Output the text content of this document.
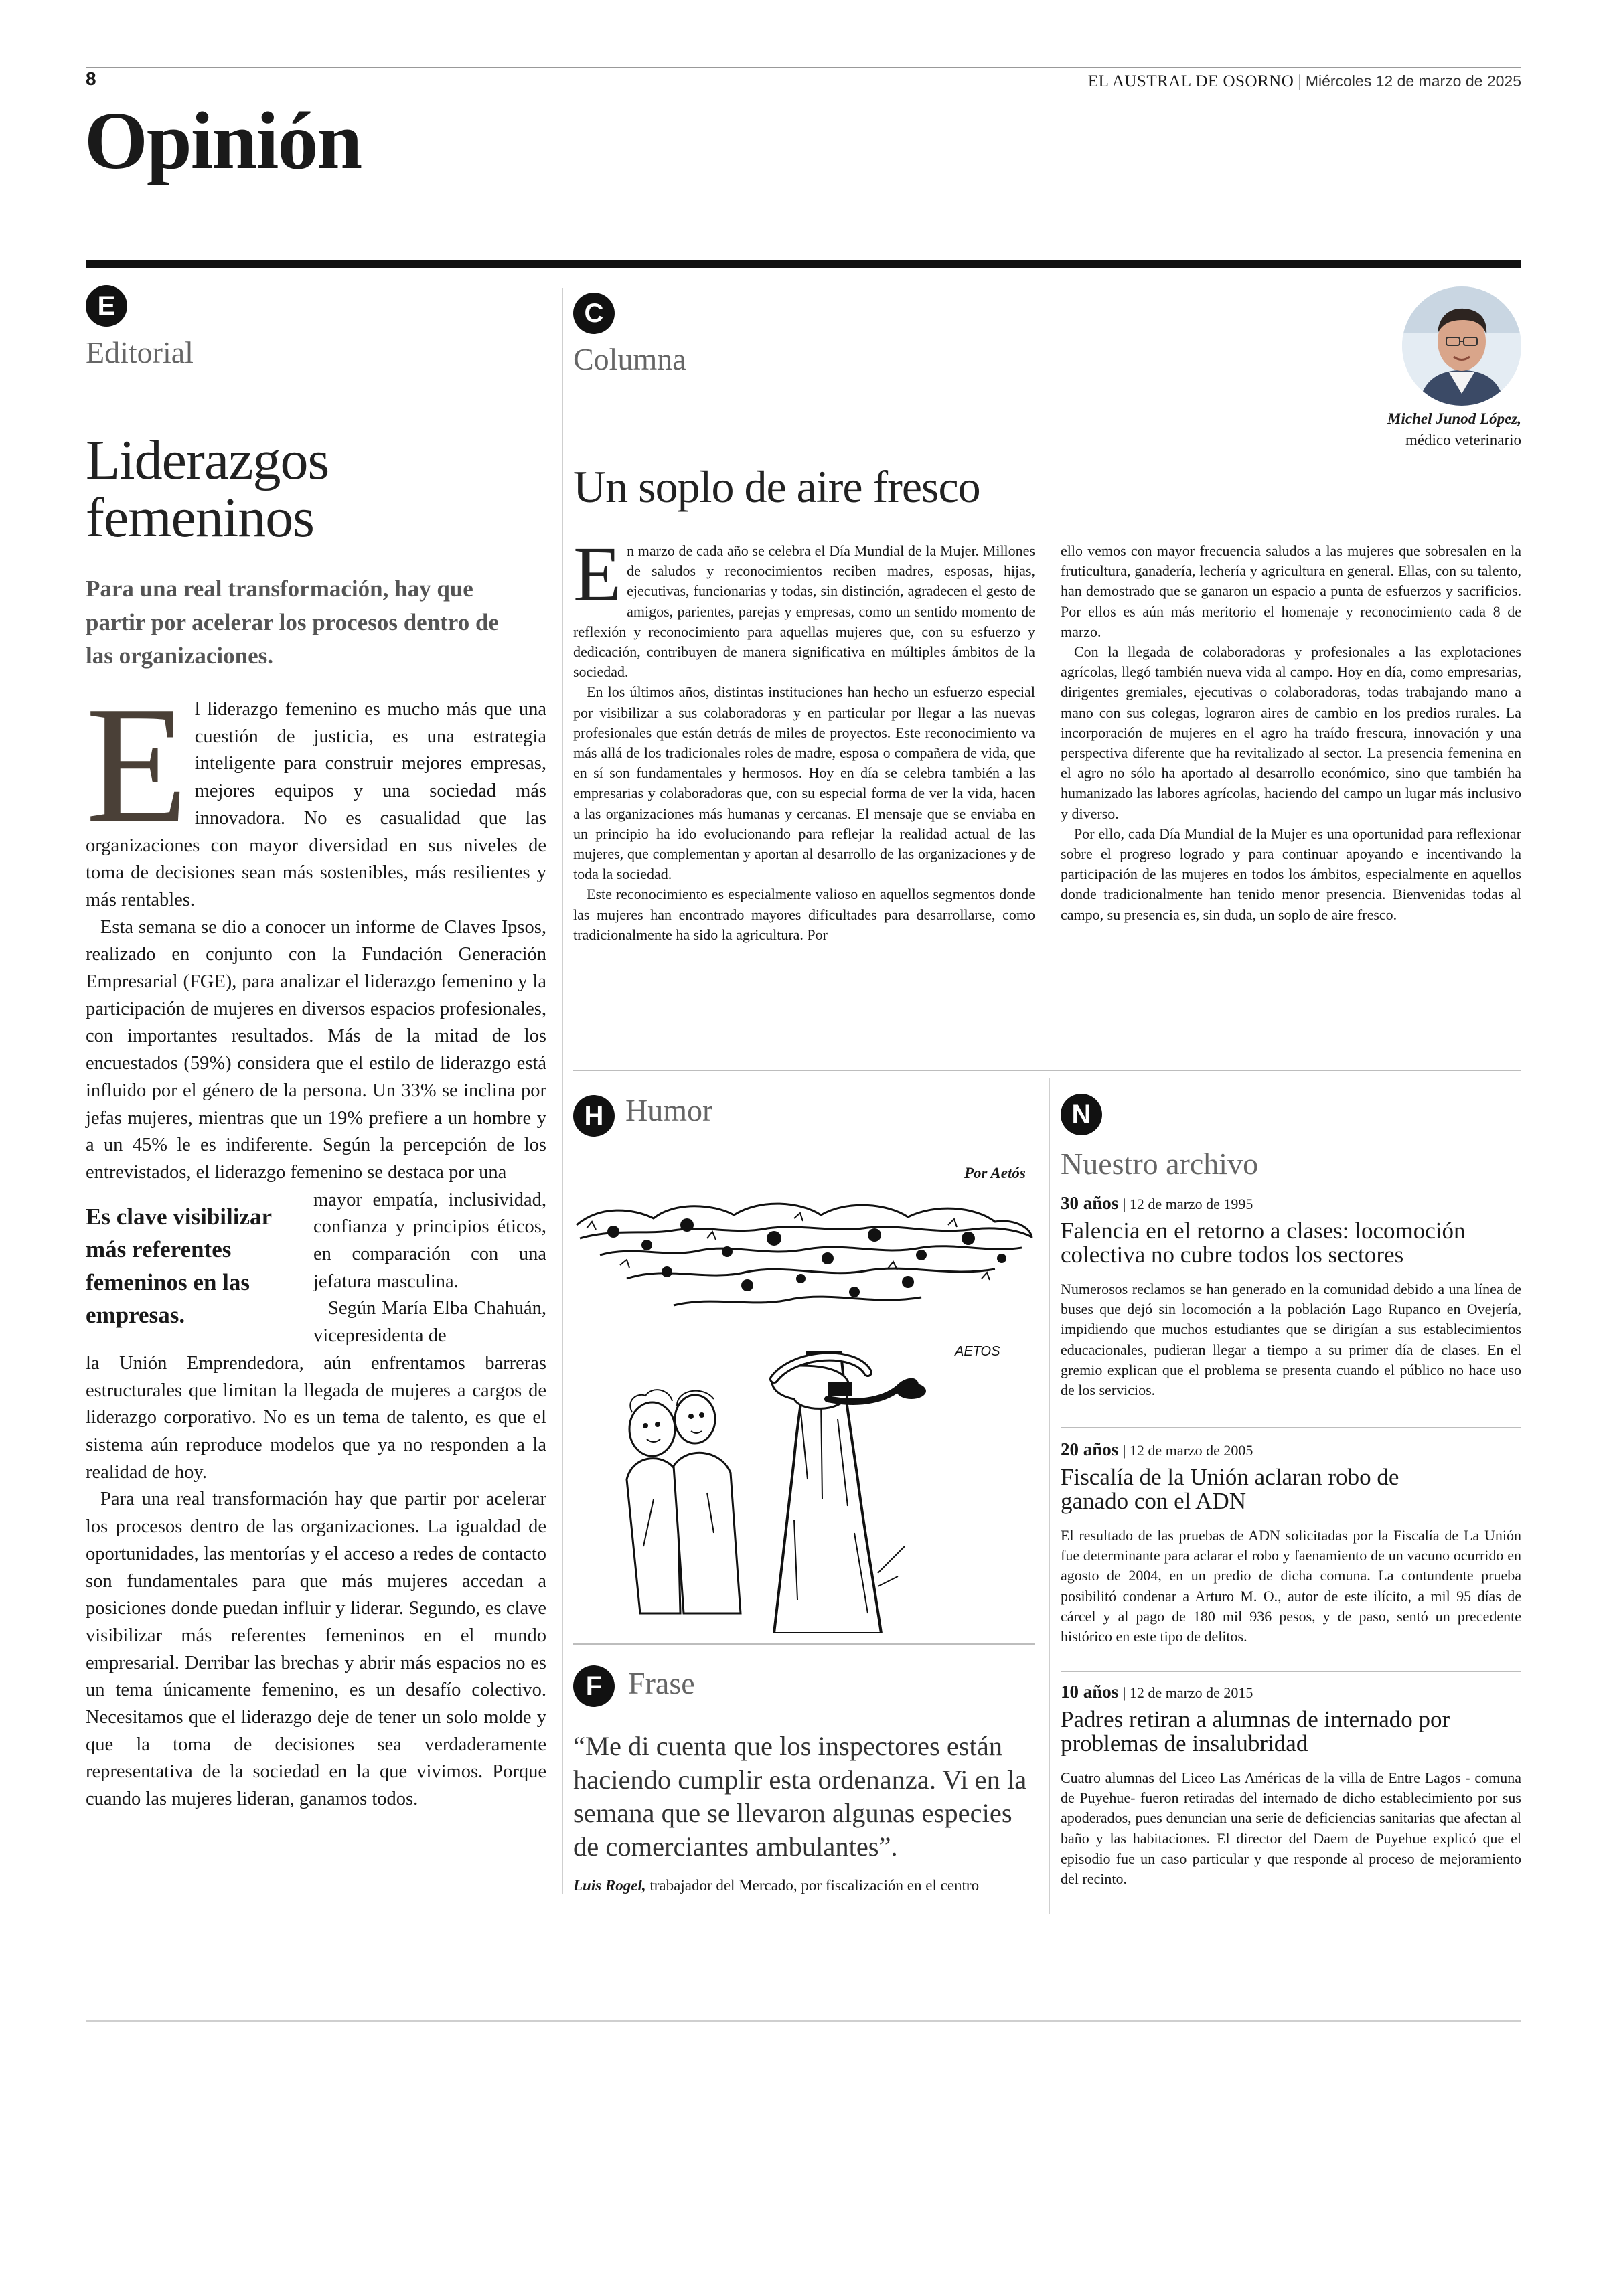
8	EL AUSTRAL DE OSORNO | Miércoles 12 de marzo de 2025
Opinión
E
Editorial
Liderazgos femeninos
Para una real transformación, hay que partir por acelerar los procesos dentro de las organizaciones.

El liderazgo femenino es mucho más que una cuestión de justicia, es una estrategia inteligente para construir mejores empresas, mejores equipos y una sociedad más innovadora. No es casualidad que las organizaciones con mayor diversidad en sus niveles de toma de decisiones sean más sostenibles, más resilientes y más rentables.

Esta semana se dio a conocer un informe de Claves Ipsos, realizado en conjunto con la Fundación Generación Empresarial (FGE), para analizar el liderazgo femenino y la participación de mujeres en diversos espacios profesionales, con importantes resultados. Más de la mitad de los encuestados (59%) considera que el estilo de liderazgo está influido por el género de la persona. Un 33% se inclina por jefas mujeres, mientras que un 19% prefiere a un hombre y a un 45% le es indiferente. Según la percepción de los entrevistados, el liderazgo femenino se destaca por una

Es clave visibilizar más referentes femeninos en las empresas.

mayor empatía, inclusividad, confianza y principios éticos, en comparación con una jefatura masculina.

Según María Elba Chahuán, vicepresidenta de

la Unión Emprendedora, aún enfrentamos barreras estructurales que limitan la llegada de mujeres a cargos de liderazgo corporativo. No es un tema de talento, es que el sistema aún reproduce modelos que ya no responden a la realidad de hoy.

Para una real transformación hay que partir por acelerar los procesos dentro de las organizaciones. La igualdad de oportunidades, las mentorías y el acceso a redes de contacto son fundamentales para que más mujeres accedan a posiciones donde puedan influir y liderar. Segundo, es clave visibilizar más referentes femeninos en el mundo empresarial. Derribar las brechas y abrir más espacios no es un tema únicamente femenino, es un desafío colectivo. Necesitamos que el liderazgo deje de tener un solo molde y que la toma de decisiones sea verdaderamente representativa de la sociedad en la que vivimos. Porque cuando las mujeres lideran, ganamos todos.

C
Columna
Michel Junod López,
médico veterinario
Un soplo de aire fresco

En marzo de cada año se celebra el Día Mundial de la Mujer. Millones de saludos y reconocimientos reciben madres, esposas, hijas, ejecutivas, funcionarias y todas, sin distinción, agradecen el gesto de amigos, parientes, parejas y empresas, como un sentido momento de reflexión y reconocimiento para aquellas mujeres que, con su esfuerzo y dedicación, contribuyen de manera significativa en múltiples ámbitos de la sociedad.

En los últimos años, distintas instituciones han hecho un esfuerzo especial por visibilizar a sus colaboradoras y en particular por llegar a las nuevas profesionales que están detrás de miles de proyectos. Este reconocimiento va más allá de los tradicionales roles de madre, esposa o compañera de vida, que en sí son fundamentales y hermosos. Hoy en día se celebra también a las empresarias y colaboradoras que, con su especial forma de ver la vida, hacen a las organizaciones más humanas y cercanas. El mensaje que se enviaba en un principio ha ido evolucionando para reflejar la realidad actual de las mujeres, que complementan y aportan al desarrollo de las organizaciones y de toda la sociedad.

Este reconocimiento es especialmente valioso en aquellos segmentos donde las mujeres han encontrado mayores dificultades para desarrollarse, como tradicionalmente ha sido la agricultura. Por

ello vemos con mayor frecuencia saludos a las mujeres que sobresalen en la fruticultura, ganadería, lechería y agricultura en general. Ellas, con su talento, han demostrado que se ganaron un espacio a punta de esfuerzos y sacrificios. Por ellos es aún más meritorio el homenaje y reconocimiento cada 8 de marzo.

Con la llegada de colaboradoras y profesionales a las explotaciones agrícolas, llegó también nueva vida al campo. Hoy en día, como empresarias, dirigentes gremiales, ejecutivas o colaboradoras, todas trabajando mano a mano con sus colegas, lograron aires de cambio en los predios rurales. La incorporación de mujeres en el agro ha traído frescura, innovación y una perspectiva diferente que ha revitalizado al sector. La presencia femenina en el agro no sólo ha aportado al desarrollo económico, sino que también ha humanizado las labores agrícolas, haciendo del campo un lugar más inclusivo y diverso.

Por ello, cada Día Mundial de la Mujer es una oportunidad para reflexionar sobre el progreso logrado y para continuar apoyando e incentivando la participación de las mujeres en todos los ámbitos, especialmente en aquellos donde tradicionalmente han tenido menor presencia. Bienvenidas todas al campo, su presencia es, sin duda, un soplo de aire fresco.

H Humor
Por Aetós
AETOS
F Frase
“Me di cuenta que los inspectores están haciendo cumplir esta ordenanza. Vi en la semana que se llevaron algunas especies de comerciantes ambulantes”.
Luis Rogel, trabajador del Mercado, por fiscalización en el centro
N
Nuestro archivo
30 años | 12 de marzo de 1995
Falencia en el retorno a clases: locomoción colectiva no cubre todos los sectores
Numerosos reclamos se han generado en la comunidad debido a una línea de buses que dejó sin locomoción a la población Lago Rupanco en Ovejería, impidiendo que muchos estudiantes que se dirigían a sus establecimientos educacionales, pudieran llegar a tiempo a su primer día de clases. En el gremio explican que el problema se presenta cuando el público no hace uso de los servicios.
20 años | 12 de marzo de 2005
Fiscalía de la Unión aclaran robo de ganado con el ADN
El resultado de las pruebas de ADN solicitadas por la Fiscalía de La Unión fue determinante para aclarar el robo y faenamiento de un vacuno ocurrido en agosto de 2004, en un predio de dicha comuna. La contundente prueba posibilitó condenar a Arturo M. O., autor de este ilícito, a mil 95 días de cárcel y al pago de 180 mil 936 pesos, y de paso, sentó un precedente histórico en este tipo de delitos.
10 años | 12 de marzo de 2015
Padres retiran a alumnas de internado por problemas de insalubridad
Cuatro alumnas del Liceo Las Américas de la villa de Entre Lagos - comuna de Puyehue- fueron retiradas del internado de dicho establecimiento por sus apoderados, pues denuncian una serie de deficiencias sanitarias que afectan al baño y las habitaciones. El director del Daem de Puyehue explicó que el episodio fue un caso particular y que responde al proceso de mejoramiento del recinto.
